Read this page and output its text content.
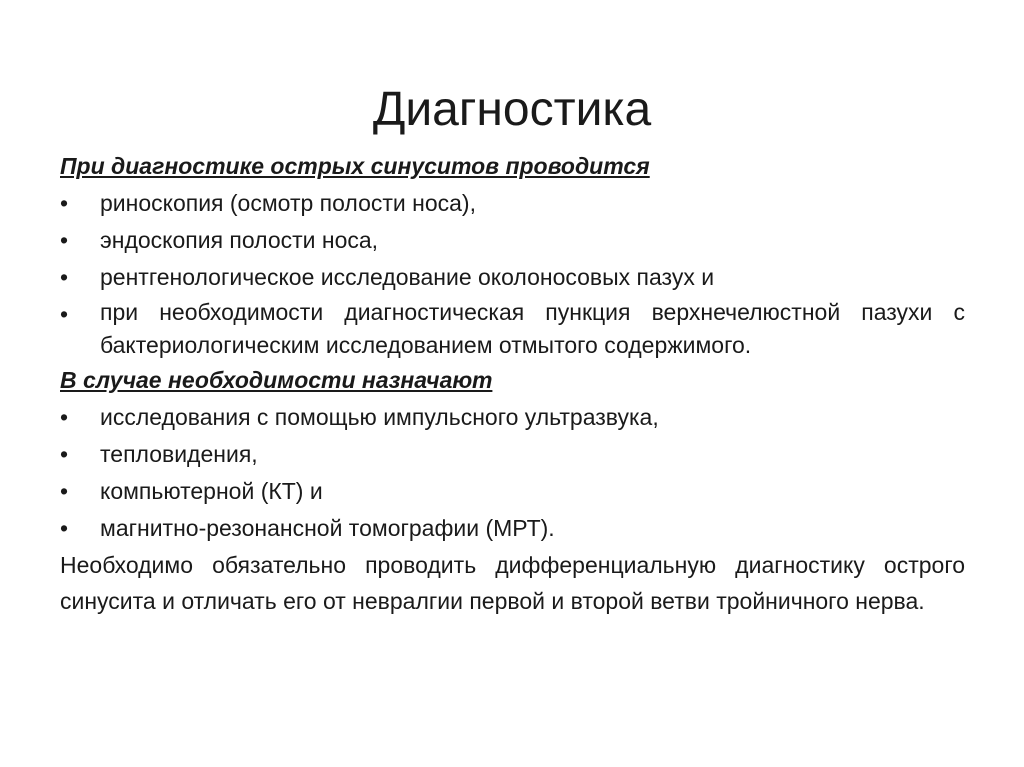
Диагностика

При диагностике острых синуситов проводится

•	риноскопия (осмотр полости носа),
•	эндоскопия полости носа,
•	рентгенологическое исследование околоносовых пазух и
•	при необходимости диагностическая пункция верхнечелюстной пазухи с бактериологическим исследованием отмытого содержимого.

В случае необходимости назначают

•	исследования с помощью импульсного ультразвука,
•	тепловидения,
•	компьютерной (КТ) и
•	магнитно-резонансной томографии (МРТ).

Необходимо обязательно проводить дифференциальную диагностику острого синусита и отличать его от невралгии первой и второй ветви тройничного нерва.
